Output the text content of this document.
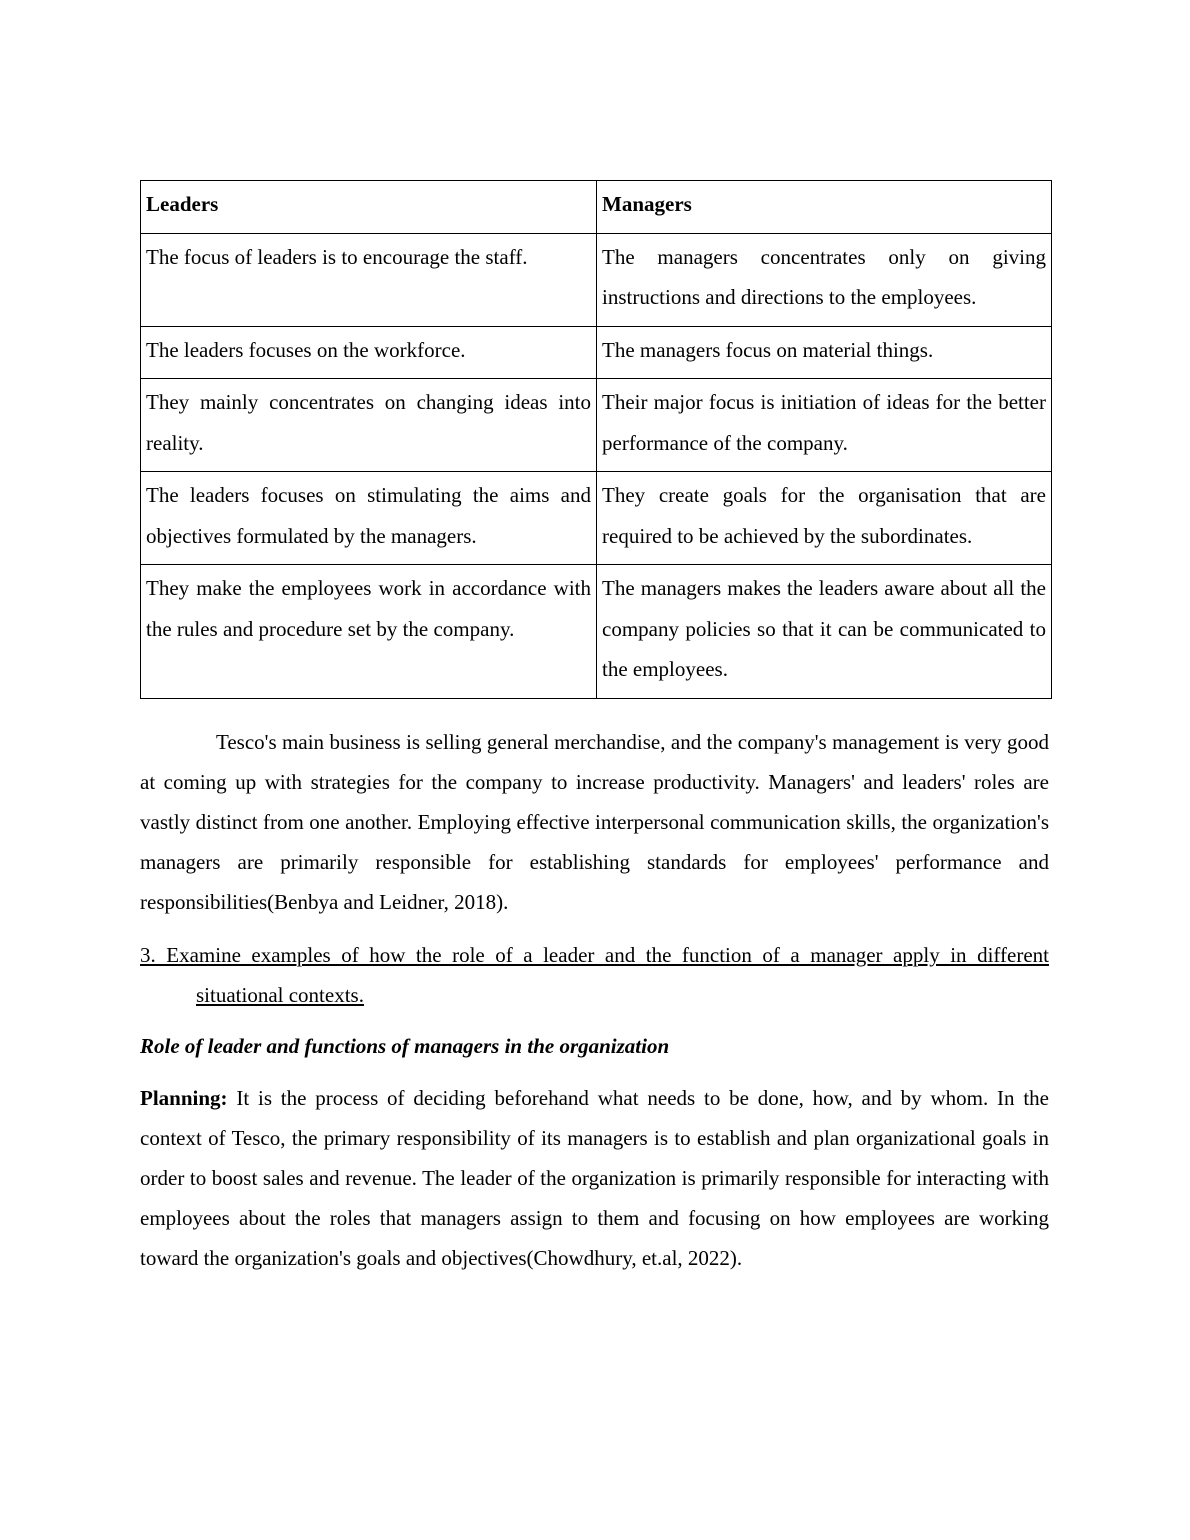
Leaders	Managers
The focus of leaders is to encourage the staff.	The managers concentrates only on giving instructions and directions to the employees.
The leaders focuses on the workforce.	The managers focus on material things.
They mainly concentrates on changing ideas into reality.	Their major focus is initiation of ideas for the better performance of the company.
The leaders focuses on stimulating the aims and objectives formulated by the managers.	They create goals for the organisation that are required to be achieved by the subordinates.
They make the employees work in accordance with the rules and procedure set by the company.	The managers makes the leaders aware about all the company policies so that it can be communicated to the employees.

Tesco's main business is selling general merchandise, and the company's management is very good at coming up with strategies for the company to increase productivity. Managers' and leaders' roles are vastly distinct from one another. Employing effective interpersonal communication skills, the organization's managers are primarily responsible for establishing standards for employees' performance and responsibilities(Benbya and Leidner, 2018).

3. Examine examples of how the role of a leader and the function of a manager apply in different
situational contexts.

Role of leader and functions of managers in the organization

Planning: It is the process of deciding beforehand what needs to be done, how, and by whom. In the context of Tesco, the primary responsibility of its managers is to establish and plan organizational goals in order to boost sales and revenue. The leader of the organization is primarily responsible for interacting with employees about the roles that managers assign to them and focusing on how employees are working toward the organization's goals and objectives(Chowdhury, et.al, 2022).
